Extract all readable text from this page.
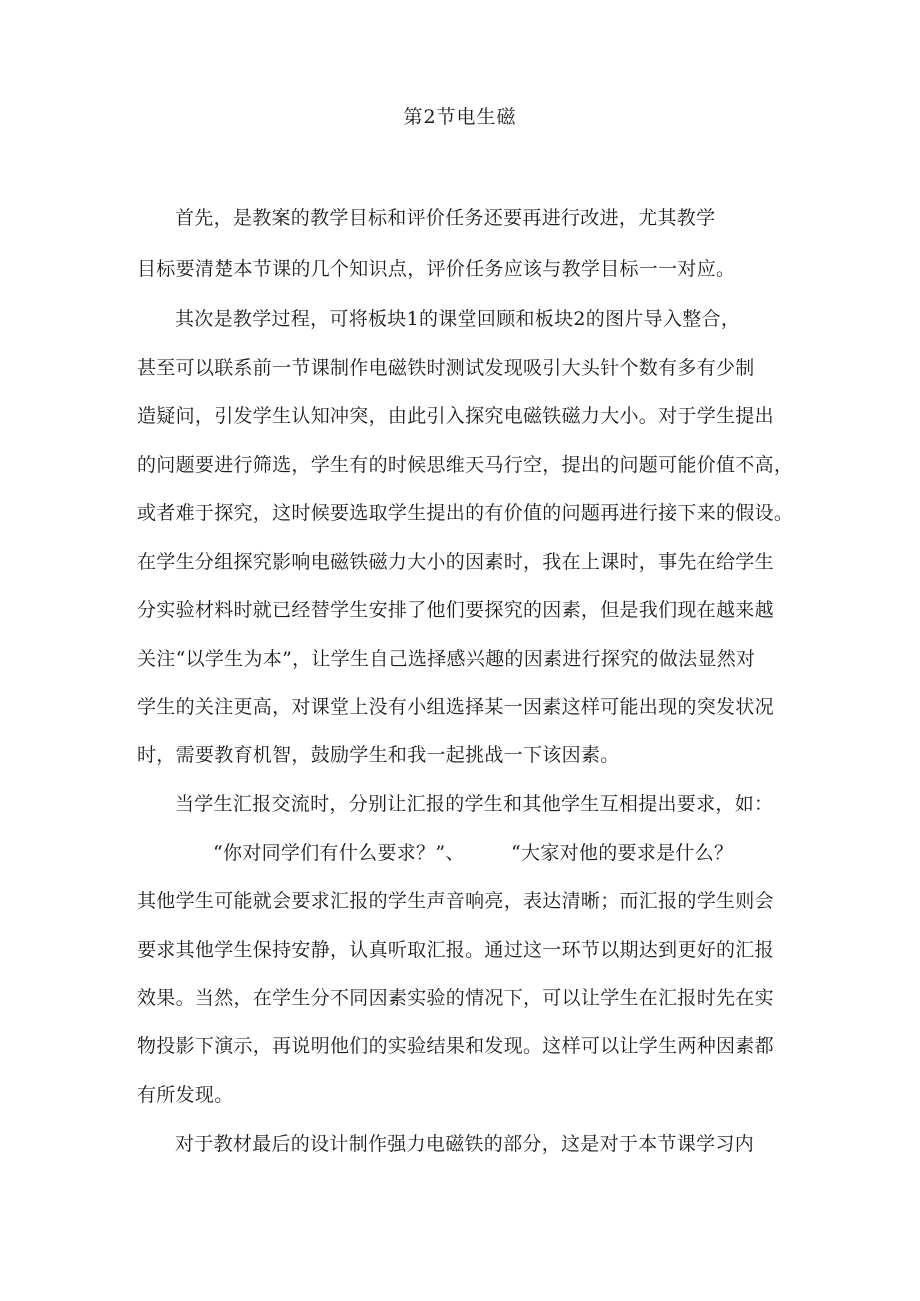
第2节电生磁
首先，是教案的教学目标和评价任务还要再进行改进，尤其教学
目标要清楚本节课的几个知识点，评价任务应该与教学目标一一对应。
其次是教学过程，可将板块1的课堂回顾和板块2的图片导入整合，
甚至可以联系前一节课制作电磁铁时测试发现吸引大头针个数有多有少制
造疑问，引发学生认知冲突，由此引入探究电磁铁磁力大小。对于学生提出
的问题要进行筛选，学生有的时候思维天马行空，提出的问题可能价值不高，
或者难于探究，这时候要选取学生提出的有价值的问题再进行接下来的假设。
在学生分组探究影响电磁铁磁力大小的因素时，我在上课时，事先在给学生
分实验材料时就已经替学生安排了他们要探究的因素，但是我们现在越来越
关注“以学生为本”，让学生自己选择感兴趣的因素进行探究的做法显然对
学生的关注更高，对课堂上没有小组选择某一因素这样可能出现的突发状况
时，需要教育机智，鼓励学生和我一起挑战一下该因素。
当学生汇报交流时，分别让汇报的学生和其他学生互相提出要求，如：
“你对同学们有什么要求？”、 “大家对他的要求是什么？
其他学生可能就会要求汇报的学生声音响亮，表达清晰；而汇报的学生则会
要求其他学生保持安静，认真听取汇报。通过这一环节以期达到更好的汇报
效果。当然，在学生分不同因素实验的情况下，可以让学生在汇报时先在实
物投影下演示，再说明他们的实验结果和发现。这样可以让学生两种因素都
有所发现。
对于教材最后的设计制作强力电磁铁的部分，这是对于本节课学习内
